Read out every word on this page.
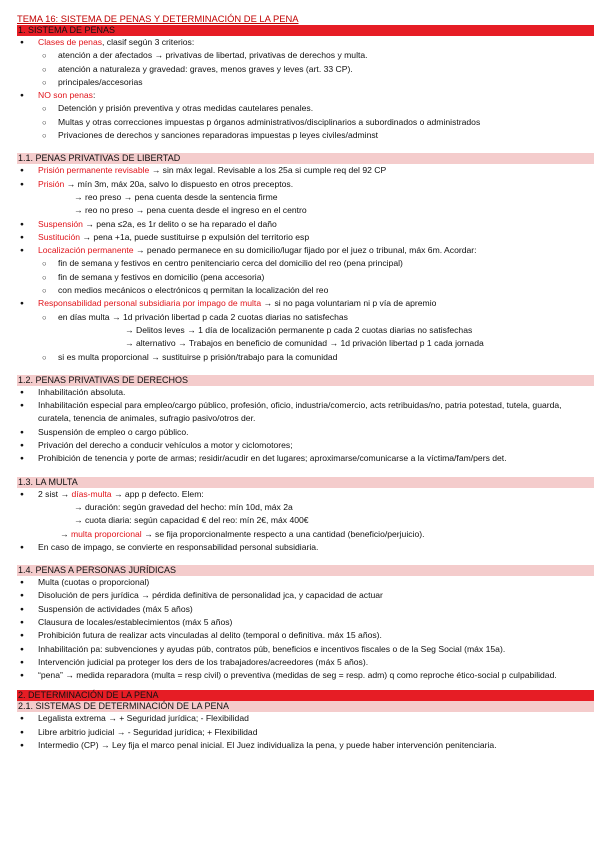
TEMA 16: SISTEMA DE PENAS Y DETERMINACIÓN DE LA PENA
1. SISTEMA DE PENAS
● Clases de penas, clasif según 3 criterios:
○ atención a der afectados → privativas de libertad, privativas de derechos y multa.
○ atención a naturaleza y gravedad: graves, menos graves y leves (art. 33 CP).
○ principales/accesorias
● NO son penas:
○ Detención y prisión preventiva y otras medidas cautelares penales.
○ Multas y otras correcciones impuestas p órganos administrativos/disciplinarios a subordinados o administrados
○ Privaciones de derechos y sanciones reparadoras impuestas p leyes civiles/adminst
1.1. PENAS PRIVATIVAS DE LIBERTAD
● Prisión permanente revisable → sin máx legal. Revisable a los 25a si cumple req del 92 CP
● Prisión → mín 3m, máx 20a, salvo lo dispuesto en otros preceptos.
→ reo preso → pena cuenta desde la sentencia firme
→ reo no preso → pena cuenta desde el ingreso en el centro
● Suspensión → pena ≤2a, es 1r delito o se ha reparado el daño
● Sustitución → pena +1a, puede sustituirse p expulsión del territorio esp
● Localización permanente → penado permanece en su domicilio/lugar fijado por el juez o tribunal, máx 6m. Acordar:
○ fin de semana y festivos en centro penitenciario cerca del domicilio del reo (pena principal)
○ fin de semana y festivos en domicilio (pena accesoria)
○ con medios mecánicos o electrónicos q permitan la localización del reo
● Responsabilidad personal subsidiaria por impago de multa → si no paga voluntariam ni p vía de apremio
○ en días multa → 1d privación libertad p cada 2 cuotas diarias no satisfechas
→ Delitos leves → 1 día de localización permanente p cada 2 cuotas diarias no satisfechas
→ alternativo → Trabajos en beneficio de comunidad → 1d privación libertad p 1 cada jornada
○ si es multa proporcional → sustituirse p prisión/trabajo para la comunidad
1.2. PENAS PRIVATIVAS DE DERECHOS
● Inhabilitación absoluta.
● Inhabilitación especial para empleo/cargo público, profesión, oficio, industria/comercio, acts retribuidas/no, patria potestad, tutela, guarda, curatela, tenencia de animales, sufragio pasivo/otros der.
● Suspensión de empleo o cargo público.
● Privación del derecho a conducir vehículos a motor y ciclomotores;
● Prohibición de tenencia y porte de armas; residir/acudir en det lugares; aproximarse/comunicarse a la víctima/fam/pers det.
1.3. LA MULTA
● 2 sist → días-multa → app p defecto. Elem:
→ duración: según gravedad del hecho: mín 10d, máx 2a
→ cuota diaria: según capacidad € del reo: mín 2€, máx 400€
→ multa proporcional → se fija proporcionalmente respecto a una cantidad (beneficio/perjuicio).
● En caso de impago, se convierte en responsabilidad personal subsidiaria.
1.4. PENAS A PERSONAS JURÍDICAS
● Multa (cuotas o proporcional)
● Disolución de pers jurídica → pérdida definitiva de personalidad jca, y capacidad de actuar
● Suspensión de actividades (máx 5 años)
● Clausura de locales/establecimientos (máx 5 años)
● Prohibición futura de realizar acts vinculadas al delito (temporal o definitiva. máx 15 años).
● Inhabilitación pa: subvenciones y ayudas púb, contratos púb, beneficios e incentivos fiscales o de la Seg Social (máx 15a).
● Intervención judicial pa proteger los ders de los trabajadores/acreedores (máx 5 años).
● “pena” → medida reparadora (multa = resp civil) o preventiva (medidas de seg = resp. adm) q como reproche ético-social p culpabilidad.
2. DETERMINACIÓN DE LA PENA
2.1. SISTEMAS DE DETERMINACIÓN DE LA PENA
● Legalista extrema → + Seguridad jurídica; - Flexibilidad
● Libre arbitrio judicial → - Seguridad jurídica; + Flexibilidad
● Intermedio (CP) → Ley fija el marco penal inicial. El Juez individualiza la pena, y puede haber intervención penitenciaria.
